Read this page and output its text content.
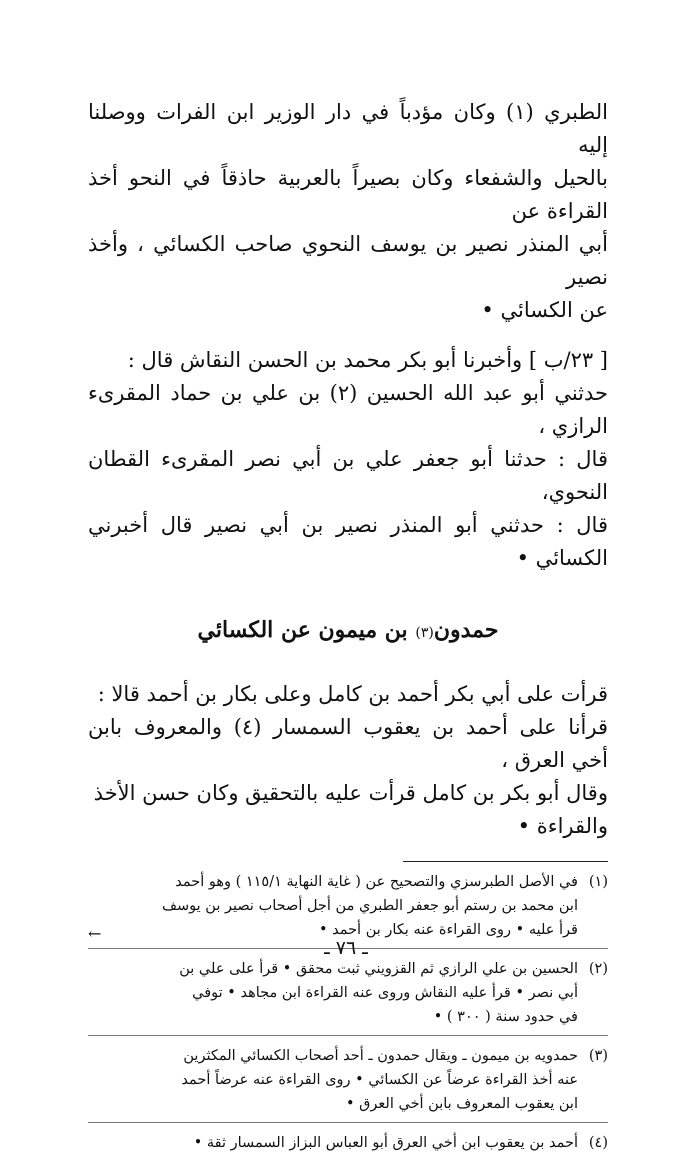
الطبري (١) وكان مؤدباً في دار الوزير ابن الفرات ووصلنا إليه
بالحيل والشفعاء وكان بصيراً بالعربية حاذقاً في النحو أخذ القراءة عن
أبي المنذر نصير بن يوسف النحوي صاحب الكسائي ، وأخذ نصير
عن الكسائي •
[ ٢٣/ب ] وأخبرنا أبو بكر محمد بن الحسن النقاش قال :
حدثني أبو عبد الله الحسين (٢) بن علي بن حماد المقرىء الرازي ،
قال : حدثنا أبو جعفر علي بن أبي نصر المقرىء القطان النحوي،
قال : حدثني أبو المنذر نصير بن أبي نصير قال أخبرني الكسائي •
حمدون(٣) بن ميمون عن الكسائي
قرأت على أبي بكر أحمد بن كامل وعلى بكار بن أحمد قالا :
قرأنا على أحمد بن يعقوب السمسار (٤) والمعروف بابن أخي العرق ،
وقال أبو بكر بن كامل قرأت عليه بالتحقيق وكان حسن الأخذ
والقراءة •
(١)
في الأصل الطبرسزي والتصحيح عن ( غاية النهاية ١١٥/١ ) وهو أحمد
ابن محمد بن رستم أبو جعفر الطبري من أجل أصحاب نصير بن يوسف
قرأ عليه • روى القراءة عنه بكار بن أحمد •
(٢)
الحسين بن علي الرازي ثم القزويني ثبت محقق • قرأ على علي بن
أبي نصر • قرأ عليه النقاش وروى عنه القراءة ابن مجاهد • توفي
في حدود سنة ( ٣٠٠ ) •
(٣)
حمدويه بن ميمون ـ ويقال حمدون ـ أحد أصحاب الكسائي المكثرين
عنه أخذ القراءة عرضاً عن الكسائي • روى القراءة عنه عرضاً أحمد
ابن يعقوب المعروف بابن أخي العرق •
(٤)
أحمد بن يعقوب ابن أخي العرق أبو العباس البزاز السمسار ثقة •
←
ـ ٧٦ ـ
